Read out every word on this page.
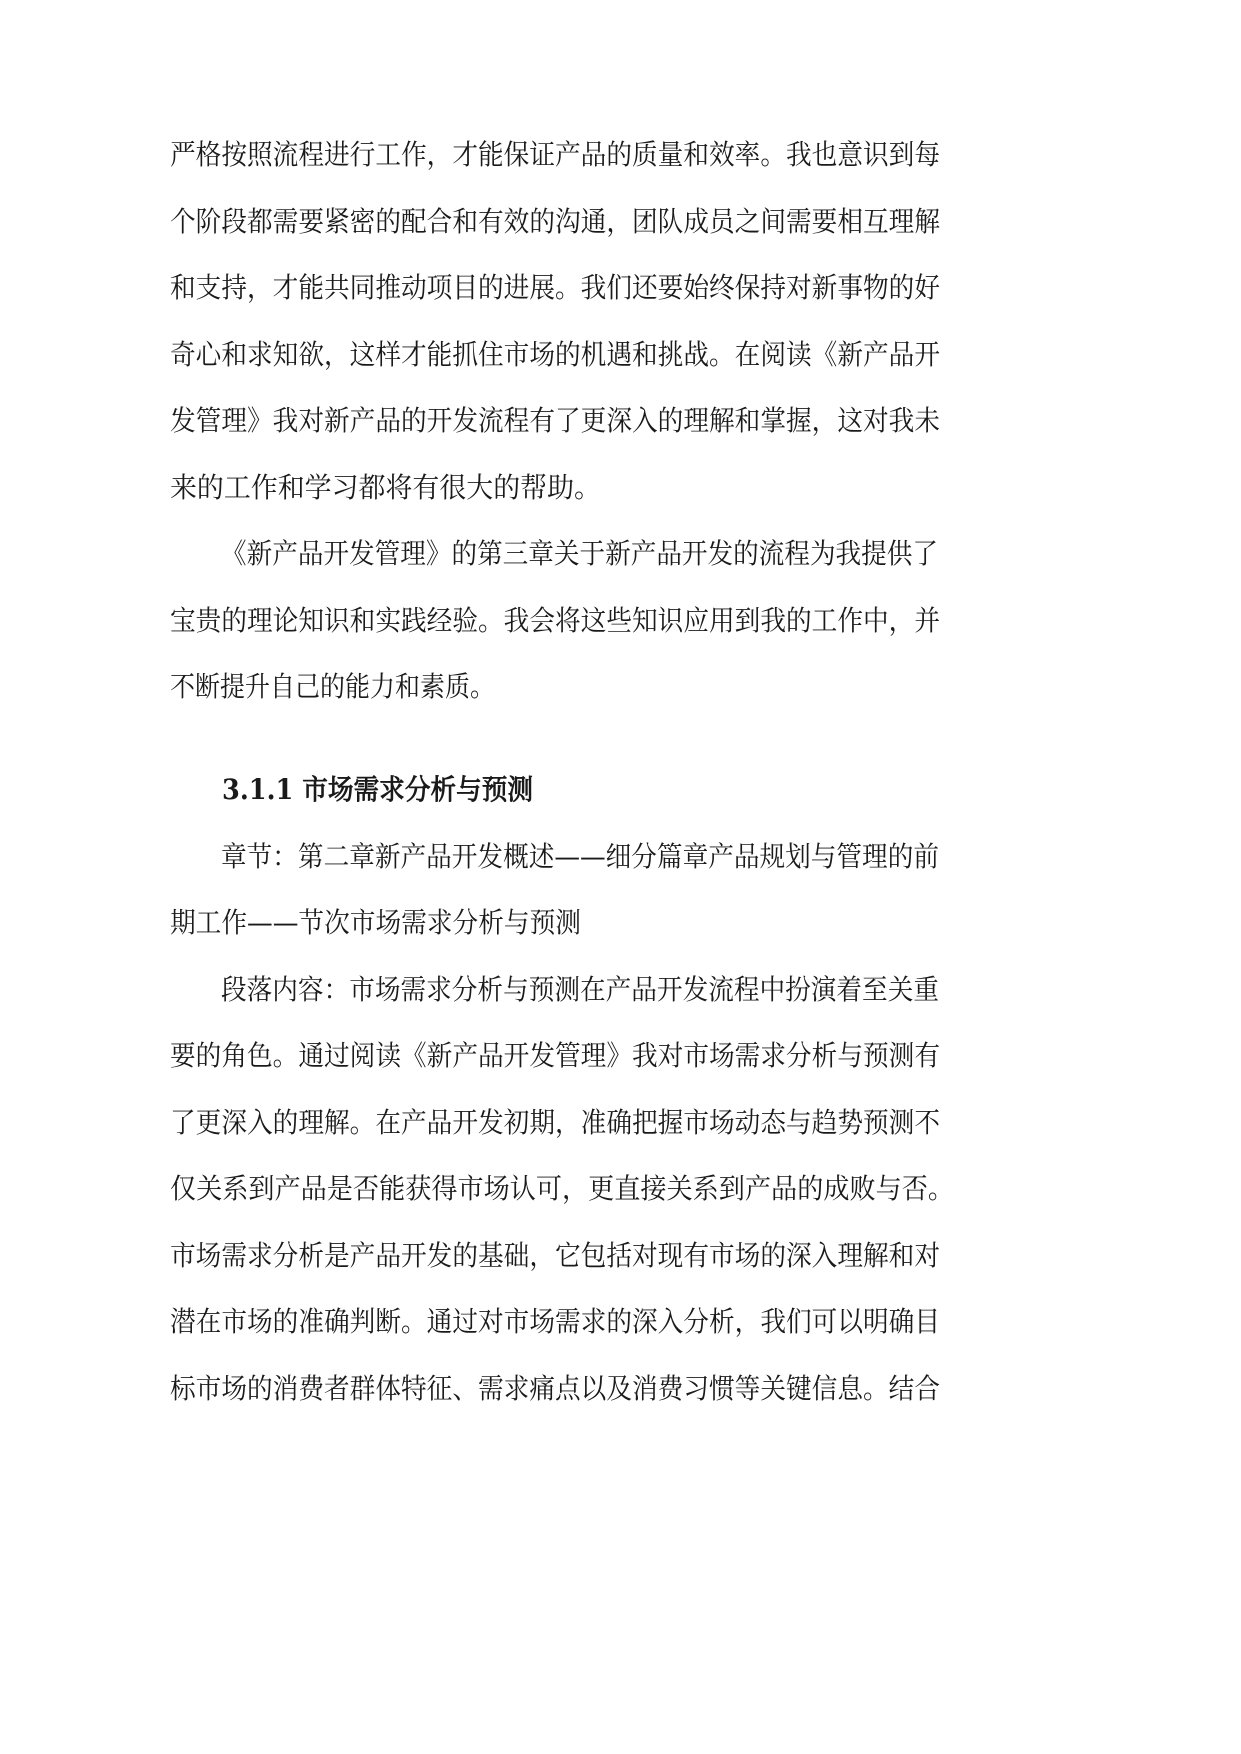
严格按照流程进行工作，才能保证产品的质量和效率。我也意识到每
个阶段都需要紧密的配合和有效的沟通，团队成员之间需要相互理解
和支持，才能共同推动项目的进展。我们还要始终保持对新事物的好
奇心和求知欲，这样才能抓住市场的机遇和挑战。在阅读《新产品开
发管理》我对新产品的开发流程有了更深入的理解和掌握，这对我未
来的工作和学习都将有很大的帮助。
《新产品开发管理》的第三章关于新产品开发的流程为我提供了
宝贵的理论知识和实践经验。我会将这些知识应用到我的工作中，并
不断提升自己的能力和素质。
3.1.1 市场需求分析与预测
章节：第二章新产品开发概述——细分篇章产品规划与管理的前
期工作——节次市场需求分析与预测
段落内容：市场需求分析与预测在产品开发流程中扮演着至关重
要的角色。通过阅读《新产品开发管理》我对市场需求分析与预测有
了更深入的理解。在产品开发初期，准确把握市场动态与趋势预测不
仅关系到产品是否能获得市场认可，更直接关系到产品的成败与否。
市场需求分析是产品开发的基础，它包括对现有市场的深入理解和对
潜在市场的准确判断。通过对市场需求的深入分析，我们可以明确目
标市场的消费者群体特征、需求痛点以及消费习惯等关键信息。结合
